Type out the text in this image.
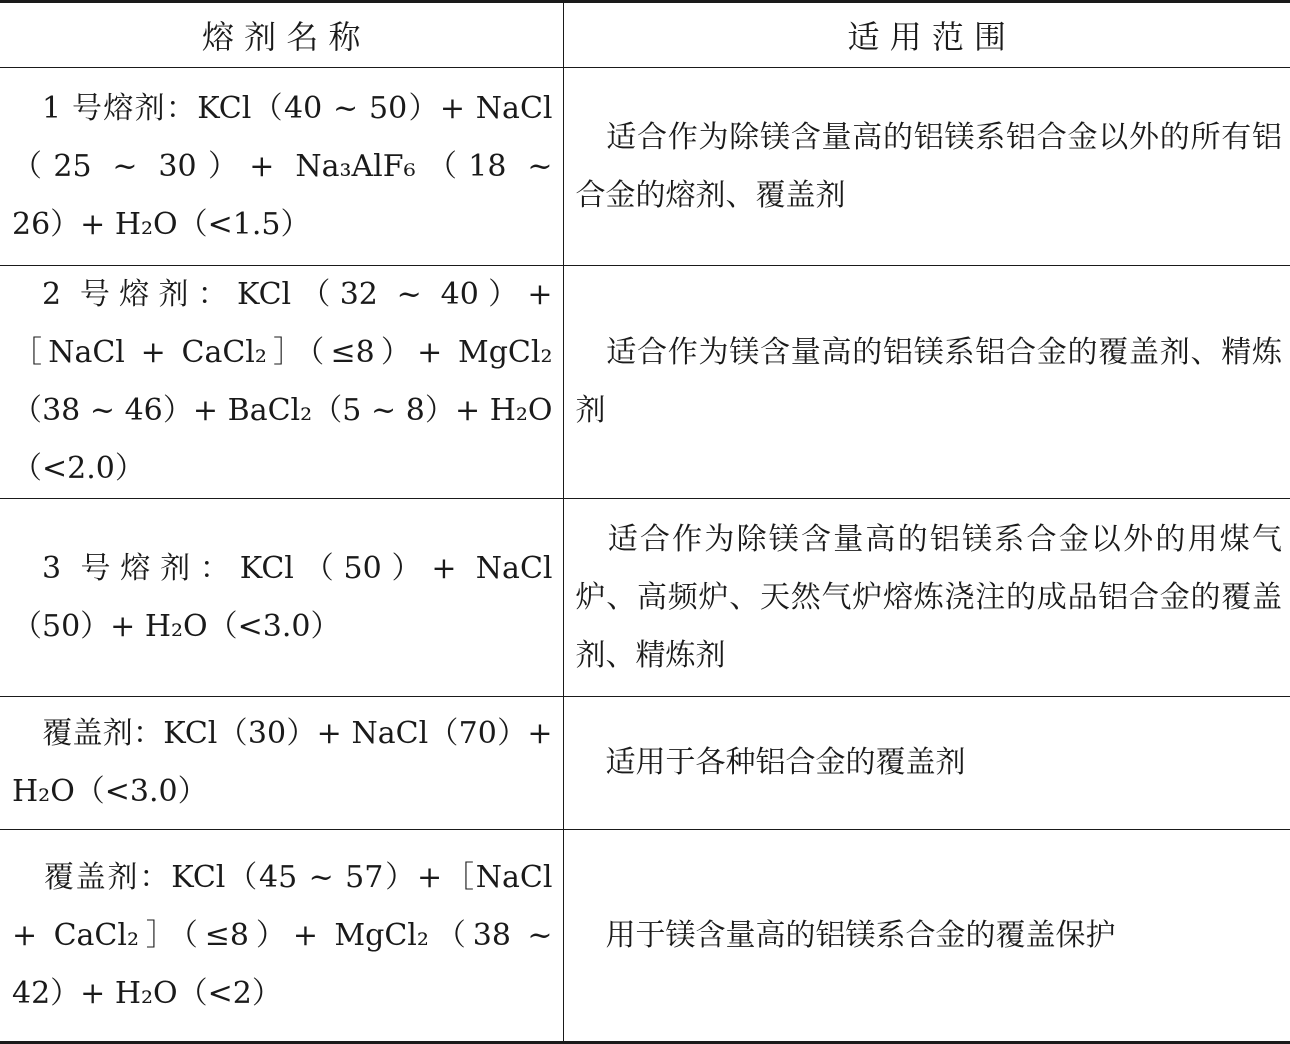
熔 剂 名 称	适 用 范 围
1 号熔剂：KCl（40 ~ 50）+ NaCl（25 ~ 30）+ Na₃AlF₆（18 ~ 26）+ H₂O（<1.5）	适合作为除镁含量高的铝镁系铝合金以外的所有铝合金的熔剂、覆盖剂
2 号熔剂：KCl（32 ~ 40）+［NaCl + CaCl₂］（≤8）+ MgCl₂（38 ~ 46）+ BaCl₂（5 ~ 8）+ H₂O（<2.0）	适合作为镁含量高的铝镁系铝合金的覆盖剂、精炼剂
3 号熔剂：KCl（50）+ NaCl（50）+ H₂O（<3.0）	适合作为除镁含量高的铝镁系合金以外的用煤气炉、高频炉、天然气炉熔炼浇注的成品铝合金的覆盖剂、精炼剂
覆盖剂：KCl（30）+ NaCl（70）+ H₂O（<3.0）	适用于各种铝合金的覆盖剂
覆盖剂：KCl（45 ~ 57）+［NaCl + CaCl₂］（≤8）+ MgCl₂（38 ~ 42）+ H₂O（<2）	用于镁含量高的铝镁系合金的覆盖保护
